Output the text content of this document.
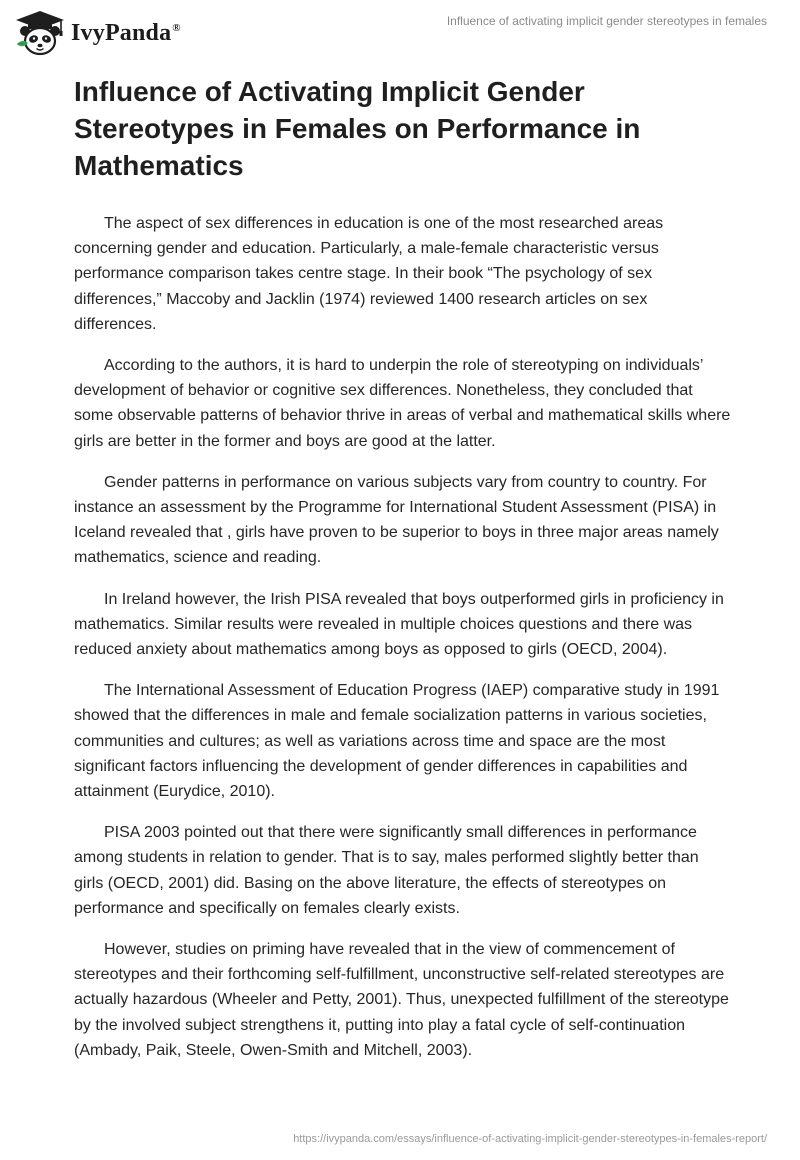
IvyPanda®	Influence of activating implicit gender stereotypes in females
Influence of Activating Implicit Gender Stereotypes in Females on Performance in Mathematics

The aspect of sex differences in education is one of the most researched areas concerning gender and education. Particularly, a male-female characteristic versus performance comparison takes centre stage. In their book “The psychology of sex differences,” Maccoby and Jacklin (1974) reviewed 1400 research articles on sex differences.

According to the authors, it is hard to underpin the role of stereotyping on individuals’ development of behavior or cognitive sex differences. Nonetheless, they concluded that some observable patterns of behavior thrive in areas of verbal and mathematical skills where girls are better in the former and boys are good at the latter.

Gender patterns in performance on various subjects vary from country to country. For instance an assessment by the Programme for International Student Assessment (PISA) in Iceland revealed that , girls have proven to be superior to boys in three major areas namely mathematics, science and reading.

In Ireland however, the Irish PISA revealed that boys outperformed girls in proficiency in mathematics. Similar results were revealed in multiple choices questions and there was reduced anxiety about mathematics among boys as opposed to girls (OECD, 2004).

The International Assessment of Education Progress (IAEP) comparative study in 1991 showed that the differences in male and female socialization patterns in various societies, communities and cultures; as well as variations across time and space are the most significant factors influencing the development of gender differences in capabilities and attainment (Eurydice, 2010).

PISA 2003 pointed out that there were significantly small differences in performance among students in relation to gender. That is to say, males performed slightly better than girls (OECD, 2001) did. Basing on the above literature, the effects of stereotypes on performance and specifically on females clearly exists.

However, studies on priming have revealed that in the view of commencement of stereotypes and their forthcoming self-fulfillment, unconstructive self-related stereotypes are actually hazardous (Wheeler and Petty, 2001). Thus, unexpected fulfillment of the stereotype by the involved subject strengthens it, putting into play a fatal cycle of self-continuation (Ambady, Paik, Steele, Owen-Smith and Mitchell, 2003).

https://ivypanda.com/essays/influence-of-activating-implicit-gender-stereotypes-in-females-report/
